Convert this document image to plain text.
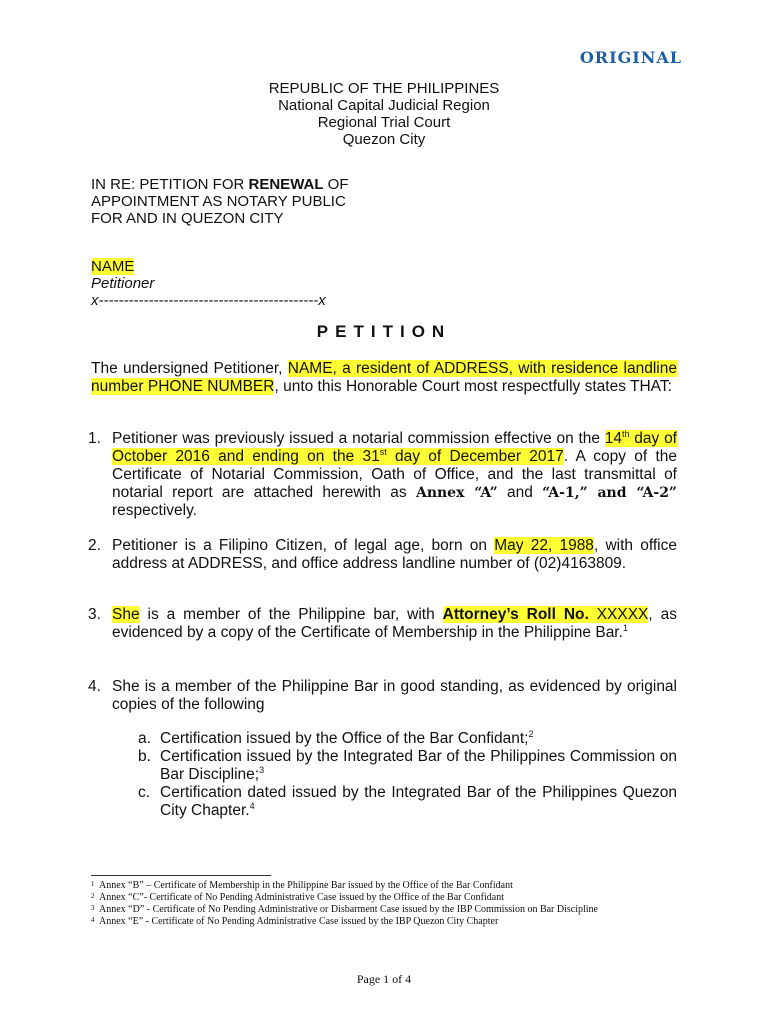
ORIGINAL
REPUBLIC OF THE PHILIPPINES
National Capital Judicial Region
Regional Trial Court
Quezon City
IN RE: PETITION FOR RENEWAL OF
APPOINTMENT AS NOTARY PUBLIC
FOR AND IN QUEZON CITY
NAME
Petitioner
x--------------------------------------------x
PETITION
The undersigned Petitioner, NAME, a resident of ADDRESS, with residence landline number PHONE NUMBER, unto this Honorable Court most respectfully states THAT:
1. Petitioner was previously issued a notarial commission effective on the 14th day of October 2016 and ending on the 31st day of December 2017. A copy of the Certificate of Notarial Commission, Oath of Office, and the last transmittal of notarial report are attached herewith as Annex “A” and “A-1,” and “A-2” respectively.
2. Petitioner is a Filipino Citizen, of legal age, born on May 22, 1988, with office address at ADDRESS, and office address landline number of (02)4163809.
3. She is a member of the Philippine bar, with Attorney’s Roll No. XXXXX, as evidenced by a copy of the Certificate of Membership in the Philippine Bar.$^1$
4. She is a member of the Philippine Bar in good standing, as evidenced by original copies of the following
a. Certification issued by the Office of the Bar Confidant;$^2$
b. Certification issued by the Integrated Bar of the Philippines Commission on Bar Discipline;$^3$
c. Certification dated issued by the Integrated Bar of the Philippines Quezon City Chapter.$^4$
1 Annex “B” – Certificate of Membership in the Philippine Bar issued by the Office of the Bar Confidant
2 Annex “C”- Certificate of No Pending Administrative Case issued by the Office of the Bar Confidant
3 Annex “D” - Certificate of No Pending Administrative or Disbarment Case issued by the IBP Commission on Bar Discipline
4 Annex “E” - Certificate of No Pending Administrative Case issued by the IBP Quezon City Chapter
Page 1 of 4
